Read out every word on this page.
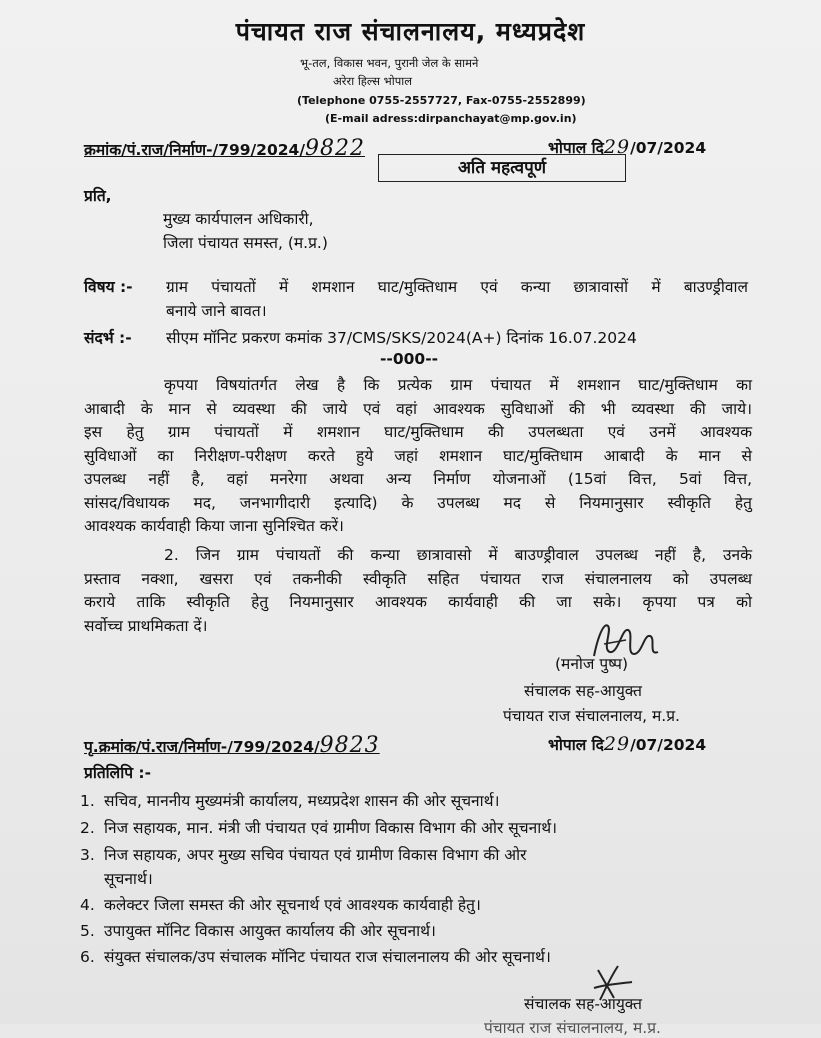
पंचायत राज संचालनालय, मध्यप्रदेश
भू-तल, विकास भवन, पुरानी जेल के सामने
अरेरा हिल्स भोपाल
(Telephone 0755-2557727, Fax-0755-2552899)
(E-mail adress:dirpanchayat@mp.gov.in)
क्रमांक/पं.राज/निर्माण-/799/2024/9822	भोपाल दि29/07/2024
अति महत्वपूर्ण
प्रति,
मुख्य कार्यपालन अधिकारी,
जिला पंचायत समस्त, (म.प्र.)
विषय :- ग्राम पंचायतों में शमशान घाट/मुक्तिधाम एवं कन्या छात्रावासों में बाउण्ड्रीवाल
बनाये जाने बावत।
संदर्भ :- सीएम मॉनिट प्रकरण कमांक 37/CMS/SKS/2024(A+) दिनांक 16.07.2024
--000--
कृपया विषयांतर्गत लेख है कि प्रत्येक ग्राम पंचायत में शमशान घाट/मुक्तिधाम का
आबादी के मान से व्यवस्था की जाये एवं वहां आवश्यक सुविधाओं की भी व्यवस्था की जाये।
इस हेतु ग्राम पंचायतों में शमशान घाट/मुक्तिधाम की उपलब्धता एवं उनमें आवश्यक
सुविधाओं का निरीक्षण-परीक्षण करते हुये जहां शमशान घाट/मुक्तिधाम आबादी के मान से
उपलब्ध नहीं है, वहां मनरेगा अथवा अन्य निर्माण योजनाओं (15वां वित्त, 5वां वित्त,
सांसद/विधायक मद, जनभागीदारी इत्यादि) के उपलब्ध मद से नियमानुसार स्वीकृति हेतु
आवश्यक कार्यवाही किया जाना सुनिश्चित करें।
2. जिन ग्राम पंचायतों की कन्या छात्रावासो में बाउण्ड्रीवाल उपलब्ध नहीं है, उनके
प्रस्ताव नक्शा, खसरा एवं तकनीकी स्वीकृति सहित पंचायत राज संचालनालय को उपलब्ध
कराये ताकि स्वीकृति हेतु नियमानुसार आवश्यक कार्यवाही की जा सके। कृपया पत्र को
सर्वोच्च प्राथमिकता दें।
(मनोज पुष्प)
संचालक सह-आयुक्त
पंचायत राज संचालनालय, म.प्र.
पृ.क्रमांक/पं.राज/निर्माण-/799/2024/9823	भोपाल दि29/07/2024
प्रतिलिपि :-
1. सचिव, माननीय मुख्यमंत्री कार्यालय, मध्यप्रदेश शासन की ओर सूचनार्थ।
2. निज सहायक, मान. मंत्री जी पंचायत एवं ग्रामीण विकास विभाग की ओर सूचनार्थ।
3. निज सहायक, अपर मुख्य सचिव पंचायत एवं ग्रामीण विकास विभाग की ओर
सूचनार्थ।
4. कलेक्टर जिला समस्त की ओर सूचनार्थ एवं आवश्यक कार्यवाही हेतु।
5. उपायुक्त मॉनिट विकास आयुक्त कार्यालय की ओर सूचनार्थ।
6. संयुक्त संचालक/उप संचालक मॉनिट पंचायत राज संचालनालय की ओर सूचनार्थ।
संचालक सह-आयुक्त
पंचायत राज संचालनालय, म.प्र.
